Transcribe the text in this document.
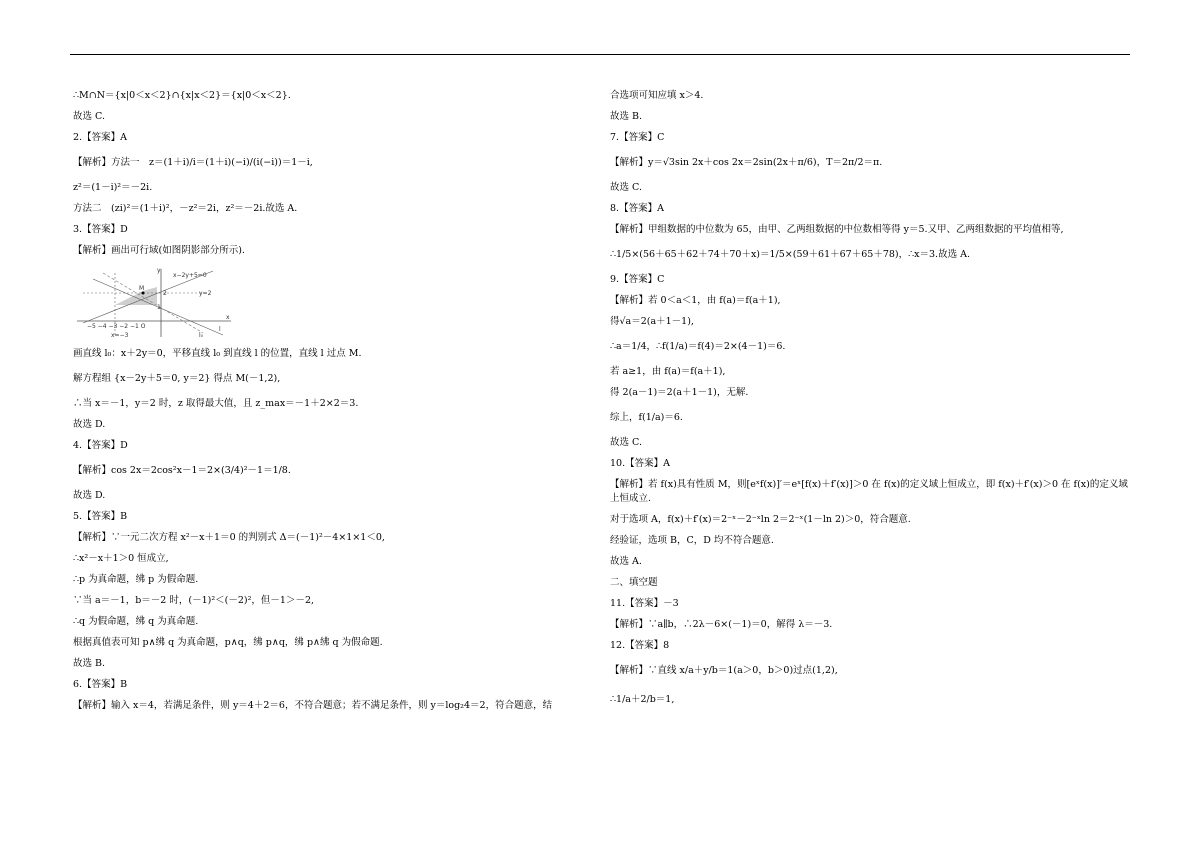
∴M∩N＝{x|0＜x＜2}∩{x|x＜2}＝{x|0＜x＜2}.
故选 C.
2.【答案】A
【解析】方法一　z＝(1＋i)/i＝(1＋i)(−i)/(i(−i))＝1－i,
z²＝(1－i)²＝－2i.
方法二　(zi)²＝(1＋i)²，－z²＝2i，z²＝－2i.故选 A.
3.【答案】D
【解析】画出可行域(如图阴影部分所示).
x−2y+5=0
y=2
M
y
x
2
1
−5 −4 −3 −2 −1 O
x=−3
l
l₀
画直线 l₀：x＋2y＝0，平移直线 l₀ 到直线 l 的位置，直线 l 过点 M.
解方程组 {x－2y＋5＝0, y＝2} 得点 M(－1,2),
∴当 x＝－1，y＝2 时，z 取得最大值，且 z_max＝－1＋2×2＝3.
故选 D.
4.【答案】D
【解析】cos 2x＝2cos²x－1＝2×(3/4)²－1＝1/8.
故选 D.
5.【答案】B
【解析】∵一元二次方程 x²－x＋1＝0 的判别式 Δ＝(－1)²－4×1×1＜0,
∴x²－x＋1＞0 恒成立,
∴p 为真命题，绋 p 为假命题.
∵当 a＝－1，b＝－2 时，(－1)²＜(－2)²，但－1＞－2,
∴q 为假命题，绋 q 为真命题.
根据真值表可知 p∧绋 q 为真命题，p∧q，绋 p∧q，绋 p∧绋 q 为假命题.
故选 B.
6.【答案】B
【解析】输入 x＝4，若满足条件，则 y＝4＋2＝6，不符合题意；若不满足条件，则 y＝log₂4＝2，符合题意，结
合选项可知应填 x＞4.
故选 B.
7.【答案】C
【解析】y＝√3sin 2x＋cos 2x＝2sin(2x＋π/6)，T＝2π/2＝π.
故选 C.
8.【答案】A
【解析】甲组数据的中位数为 65，由甲、乙两组数据的中位数相等得 y＝5.又甲、乙两组数据的平均值相等,
∴1/5×(56＋65＋62＋74＋70＋x)＝1/5×(59＋61＋67＋65＋78)，∴x＝3.故选 A.
9.【答案】C
【解析】若 0＜a＜1，由 f(a)＝f(a＋1),
得√a＝2(a＋1－1),
∴a＝1/4，∴f(1/a)＝f(4)＝2×(4－1)＝6.
若 a≥1，由 f(a)＝f(a＋1),
得 2(a－1)＝2(a＋1－1)，无解.
综上，f(1/a)＝6.
故选 C.
10.【答案】A
【解析】若 f(x)具有性质 M，则[eˣf(x)]′＝eˣ[f(x)＋f′(x)]＞0 在 f(x)的定义域上恒成立，即 f(x)＋f′(x)＞0 在 f(x)的定义域上恒成立.
对于选项 A，f(x)＋f′(x)＝2⁻ˣ－2⁻ˣln 2＝2⁻ˣ(1－ln 2)＞0，符合题意.
经验证，选项 B，C，D 均不符合题意.
故选 A.
二、填空题
11.【答案】－3
【解析】∵a∥b，∴2λ－6×(－1)＝0，解得 λ＝－3.
12.【答案】8
【解析】∵直线 x/a＋y/b＝1(a＞0，b＞0)过点(1,2),
∴1/a＋2/b＝1,
